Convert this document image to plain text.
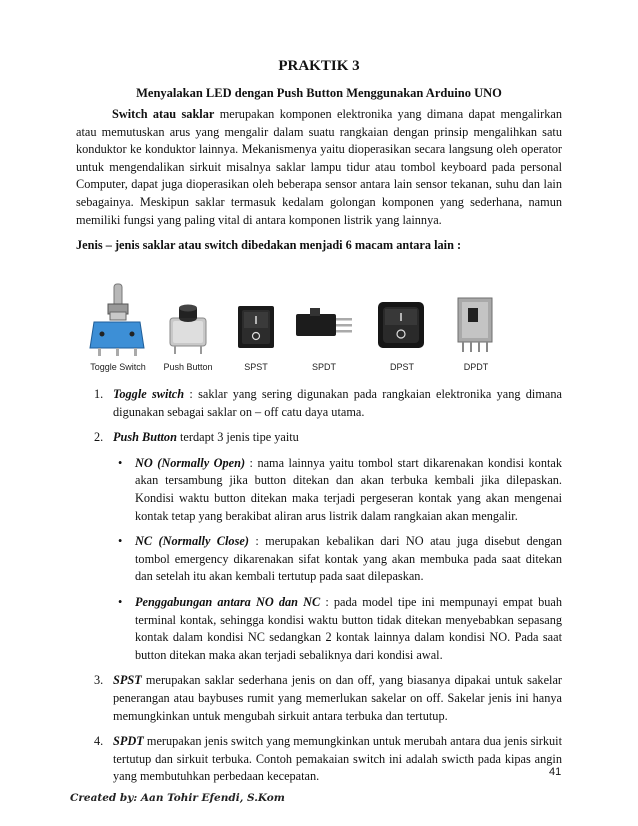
PRAKTIK 3
Menyalakan LED dengan Push Button Menggunakan Arduino UNO
Switch atau saklar merupakan komponen elektronika yang dimana dapat mengalirkan atau memutuskan arus yang mengalir dalam suatu rangkaian dengan prinsip mengalihkan satu konduktor ke konduktor lainnya. Mekanismenya yaitu dioperasikan secara langsung oleh operator untuk mengendalikan sirkuit misalnya saklar lampu tidur atau tombol keyboard pada personal Computer, dapat juga dioperasikan oleh beberapa sensor antara lain sensor tekanan, suhu dan lain sebagainya. Meskipun saklar termasuk kedalam golongan komponen yang sederhana, namun memiliki fungsi yang paling vital di antara komponen listrik yang lainnya.
Jenis – jenis saklar atau switch dibedakan menjadi 6 macam antara lain :
Toggle Switch	Push Button	SPST	SPDT	DPST	DPDT
1. Toggle switch : saklar yang sering digunakan pada rangkaian elektronika yang dimana digunakan sebagai saklar on – off catu daya utama.
2. Push Button terdapt 3 jenis tipe yaitu
• NO (Normally Open) : nama lainnya yaitu tombol start dikarenakan kondisi kontak akan tersambung jika button ditekan dan akan terbuka kembali jika dilepaskan. Kondisi waktu button ditekan maka terjadi pergeseran kontak yang akan mengenai kontak tetap yang berakibat aliran arus listrik dalam rangkaian akan mengalir.
• NC (Normally Close) : merupakan kebalikan dari NO atau juga disebut dengan tombol emergency dikarenakan sifat kontak yang akan membuka pada saat ditekan dan setelah itu akan kembali tertutup pada saat dilepaskan.
• Penggabungan antara NO dan NC : pada model tipe ini mempunayi empat buah terminal kontak, sehingga kondisi waktu button tidak ditekan menyebabkan sepasang kontak dalam kondisi NC sedangkan 2 kontak lainnya dalam kondisi NO. Pada saat button ditekan maka akan terjadi sebaliknya dari kondisi awal.
3. SPST merupakan saklar sederhana jenis on dan off, yang biasanya dipakai untuk sakelar penerangan atau baybuses rumit yang memerlukan sakelar on off. Sakelar jenis ini hanya memungkinkan untuk mengubah sirkuit antara terbuka dan tertutup.
4. SPDT merupakan jenis switch yang memungkinkan untuk merubah antara dua jenis sirkuit tertutup dan sirkuit terbuka. Contoh pemakaian switch ini adalah swicth pada kipas angin yang membutuhkan perbedaan kecepatan.	41
Created by: Aan Tohir Efendi, S.Kom
